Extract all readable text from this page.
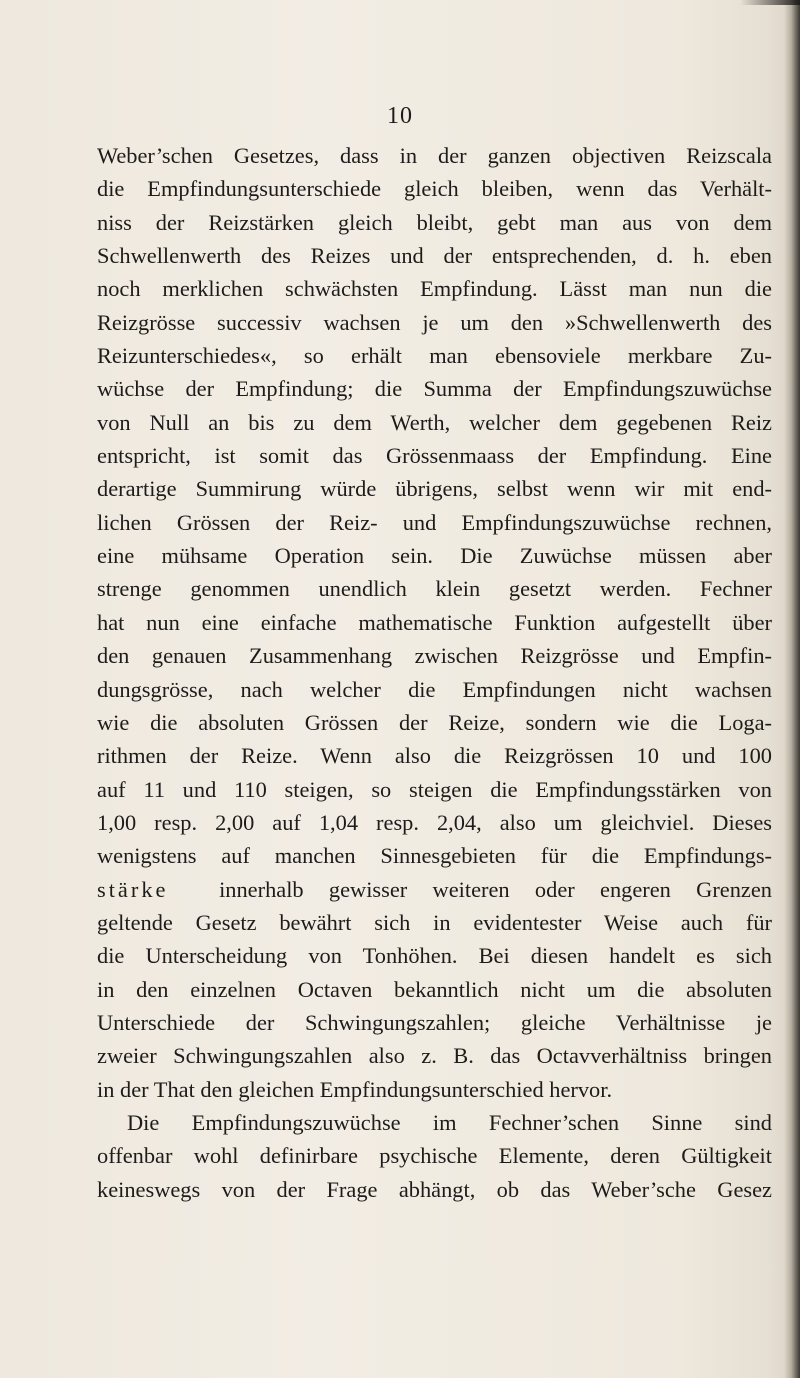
10
Weber’schen Gesetzes, dass in der ganzen objectiven Reizscala
die Empfindungsunterschiede gleich bleiben, wenn das Verhält-
niss der Reizstärken gleich bleibt, gebt man aus von dem
Schwellenwerth des Reizes und der entsprechenden, d. h. eben
noch merklichen schwächsten Empfindung. Lässt man nun die
Reizgrösse successiv wachsen je um den »Schwellenwerth des
Reizunterschiedes«, so erhält man ebensoviele merkbare Zu-
wüchse der Empfindung; die Summa der Empfindungszuwüchse
von Null an bis zu dem Werth, welcher dem gegebenen Reiz
entspricht, ist somit das Grössenmaass der Empfindung. Eine
derartige Summirung würde übrigens, selbst wenn wir mit end-
lichen Grössen der Reiz- und Empfindungszuwüchse rechnen,
eine mühsame Operation sein. Die Zuwüchse müssen aber
strenge genommen unendlich klein gesetzt werden. Fechner
hat nun eine einfache mathematische Funktion aufgestellt über
den genauen Zusammenhang zwischen Reizgrösse und Empfin-
dungsgrösse, nach welcher die Empfindungen nicht wachsen
wie die absoluten Grössen der Reize, sondern wie die Loga-
rithmen der Reize. Wenn also die Reizgrössen 10 und 100
auf 11 und 110 steigen, so steigen die Empfindungsstärken von
1,00 resp. 2,00 auf 1,04 resp. 2,04, also um gleichviel. Dieses
wenigstens auf manchen Sinnesgebieten für die Empfindungs-
stärke innerhalb gewisser weiteren oder engeren Grenzen
geltende Gesetz bewährt sich in evidentester Weise auch für
die Unterscheidung von Tonhöhen. Bei diesen handelt es sich
in den einzelnen Octaven bekanntlich nicht um die absoluten
Unterschiede der Schwingungszahlen; gleiche Verhältnisse je
zweier Schwingungszahlen also z. B. das Octavverhältniss bringen
in der That den gleichen Empfindungsunterschied hervor.
Die Empfindungszuwüchse im Fechner’schen Sinne sind
offenbar wohl definirbare psychische Elemente, deren Gültigkeit
keineswegs von der Frage abhängt, ob das Weber’sche Gesez
